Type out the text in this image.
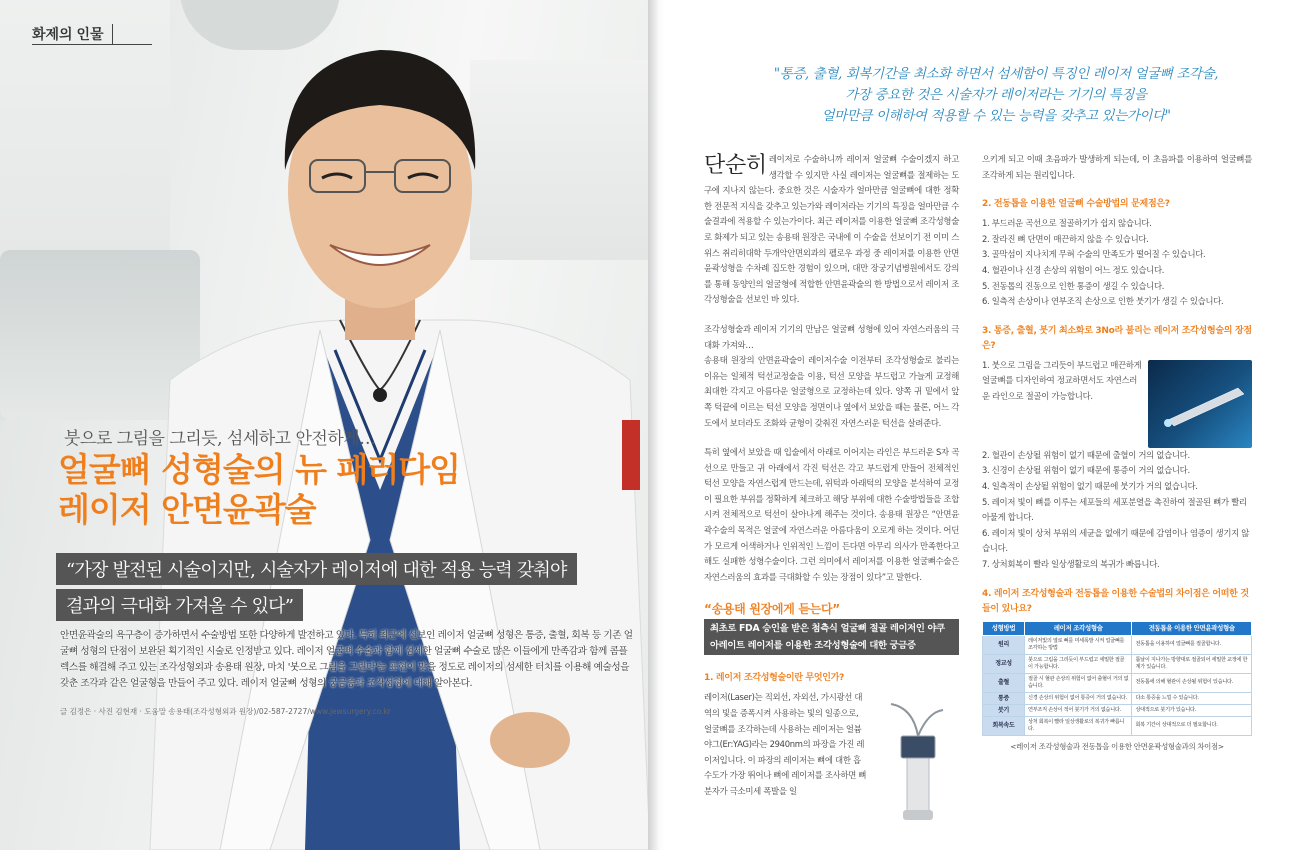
화제의 인물
붓으로 그림을 그리듯, 섬세하고 안전하게…
얼굴뼈 성형술의 뉴 패러다임
레이저 안면윤곽술
“가장 발전된 시술이지만, 시술자가 레이저에 대한 적용 능력 갖춰야
결과의 극대화 가져올 수 있다”
안면윤곽술의 욕구층이 증가하면서 수술방법 또한 다양하게 발전하고 있다. 특히 최근에 선보인 레이저 얼굴뼈 성형은 통증, 출혈, 회복 등 기존 얼굴뼈 성형의 단점이 보완된 획기적인 시술로 인정받고 있다. 레이저 얼굴뼈 수술과 함께 섬세한 얼굴뼈 수술로 많은 이들에게 만족감과 함께 콤플렉스를 해결해 주고 있는 조각성형외과 송용태 원장, 마치 '붓으로 그림을 그린다'는 표현이 맞을 정도로 레이저의 섬세한 터치를 이용해 예술성을 갖춘 조각과 같은 얼굴형을 만들어 주고 있다. 레이저 얼굴뼈 성형의 궁금증과 조각성형에 대해 알아본다.
글 김정은 · 사진 김현재 · 도움말 송용태(조각성형외과 원장)/02-587-2727/www.jewsurgery.co.kr
"통증, 출혈, 회복기간을 최소화 하면서 섬세함이 특징인 레이저 얼굴뼈 조각술,
가장 중요한 것은 시술자가 레이저라는 기기의 특징을
얼마만큼 이해하여 적용할 수 있는 능력을 갖추고 있는가이다"

단순히 레이저로 수술하니까 레이저 얼굴뼈 수술이겠지 하고 생각할 수 있지만 사실 레이저는 얼굴뼈를 절제하는 도구에 지나지 않는다. 중요한 것은 시술자가 얼마만큼 얼굴뼈에 대한 정확한 전문적 지식을 갖추고 있는가와 레이저라는 기기의 특징을 얼마만큼 수술결과에 적용할 수 있는가이다. 최근 레이저를 이용한 얼굴뼈 조각성형술로 화제가 되고 있는 송용태 원장은 국내에 이 수술을 선보이기 전 이미 스위스 취리히대학 두개악안면외과의 펠로우 과정 중 레이저를 이용한 안면윤곽성형을 수차례 집도한 경험이 있으며, 대만 장궁기념병원에서도 강의를 통해 동양인의 얼굴형에 적합한 안면윤곽술의 한 방법으로서 레이저 조각성형술을 선보인 바 있다.

조각성형술과 레이저 기기의 만남은 얼굴뼈 성형에 있어 자연스러움의 극대화 가져와…

송용태 원장의 안면윤곽술이 레이저수술 이전부터 조각성형술로 불리는 이유는 일체적 턱선교정술을 이용, 턱선 모양을 부드럽고 가늘게 교정해 최대한 각지고 아름다운 얼굴형으로 교정하는데 있다. 양쪽 귀 밑에서 앞쪽 턱끝에 이르는 턱선 모양을 정면이나 옆에서 보았을 때는 물론, 어느 각도에서 보더라도 조화와 균형이 갖춰진 자연스러운 턱선을 살려준다.

특히 옆에서 보았을 때 입술에서 아래로 이어지는 라인은 부드러운 S자 곡선으로 만들고 귀 아래에서 각진 턱선은 각고 부드럽게 만들어 전체적인 턱선 모양을 자연스럽게 만드는데, 위턱과 아래턱의 모양을 분석하여 교정이 필요한 부위를 정확하게 체크하고 해당 부위에 대한 수술방법들을 조합시켜 전체적으로 턱선이 살아나게 해주는 것이다. 송용태 원장은 “안면윤곽수술의 목적은 얼굴에 자연스러운 아름다움이 오로게 하는 것이다. 어딘가 모르게 어색하거나 인위적인 느낌이 든다면 아무리 의사가 만족한다고해도 실패한 성형수술이다. 그런 의미에서 레이저를 이용한 얼굴뼈수술은 자연스러움의 효과를 극대화할 수 있는 장점이 있다”고 말한다.

“송용태 원장에게 듣는다”
최초로 FDA 승인을 받은 첨측식 얼굴뼈 절골 레이저인 야쿠아레이트 레이저를 이용한 조각성형술에 대한 궁금증
1. 레이저 조각성형술이란 무엇인가?
레이저(Laser)는 직외선, 자외선, 가시광선 대역의 빛을 증폭시켜 사용하는 빛의 일종으로, 얼굴뼈를 조각하는데 사용하는 레이저는 얼븀야그(Er:YAG)라는 2940nm의 파장을 가진 레이저입니다. 이 파장의 레이저는 뼈에 대한 흡수도가 가장 뛰어나 뼈에 레이저를 조사하면 뼈 분자가 극소미세 폭발을 일

으키게 되고 이때 초음파가 발생하게 되는데, 이 초음파를 이용하여 얼굴뼈를 조각하게 되는 원리입니다.

2. 전동톱을 이용한 얼굴뼈 수술방법의 문제점은?
1. 부드러운 곡선으로 절골하기가 쉽지 않습니다.
2. 잘라진 뼈 단면이 매끈하지 않을 수 있습니다.
3. 골막섬이 지나치게 무혀 수술의 만족도가 떨어질 수 있습니다.
4. 혈관이나 신경 손상의 위험이 어느 정도 있습니다.
5. 전동톱의 진동으로 인한 통증이 생길 수 있습니다.
6. 일측적 손상이나 연부조직 손상으로 인한 붓기가 생길 수 있습니다.
3. 통증, 출혈, 붓기 최소화로 3No라 불리는 레이저 조각성형술의 장점은?
1. 붓으로 그림을 그리듯이 부드럽고 매끈하게 얼굴뼈를 디자인하여 정교하면서도 자연스러운 라인으로 절골이 가능합니다.
2. 혈관이 손상될 위험이 없기 때문에 출혈이 거의 없습니다.
3. 신경이 손상될 위험이 없기 때문에 통증이 거의 없습니다.
4. 일측적이 손상될 위험이 없기 때문에 붓기가 거의 없습니다.
5. 레이저 빛이 뼈를 이루는 세포들의 세포분열을 촉진하여 절골된 뼈가 빨리 아물게 합니다.
6. 레이저 빛이 상처 부위의 세균을 없애기 때문에 감염이나 염증이 생기지 않습니다.
7. 상처회복이 빨라 일상생활로의 복귀가 빠릅니다.
4. 레이저 조각성형술과 전동톱을 이용한 수술법의 차이점은 어떠한 것들이 있나요?
성형방법	레이저 조각성형술	전동톱을 이용한 안면윤곽성형술
원리	레이저빛의 열로 뼈를 미세폭발 시켜 얼굴뼈를 조각하는 방법	전동톱을 이용하여 얼굴뼈를 절골합니다.
정교성	붓으로 그림을 그리듯이 부드럽고 세밀한 절골이 가능합니다.	톱날이 지나가는 방향대로 절골되어 세밀한 교정에 한계가 있습니다.
출혈	절골 시 혈관 손상의 위험이 없어 출혈이 거의 없습니다.	전동톱에 의해 혈관이 손상될 위험이 있습니다.
통증	신경 손상의 위험이 없어 통증이 거의 없습니다.	다소 통증을 느낄 수 있습니다.
붓기	연부조직 손상이 적어 붓기가 거의 없습니다.	상대적으로 붓기가 있습니다.
회복속도	상처 회복이 빨라 일상생활로의 복귀가 빠릅니다.	회복 기간이 상대적으로 더 필요합니다.
<레이저 조각성형술과 전동톱을 이용한 안면윤곽성형술과의 차이점>
